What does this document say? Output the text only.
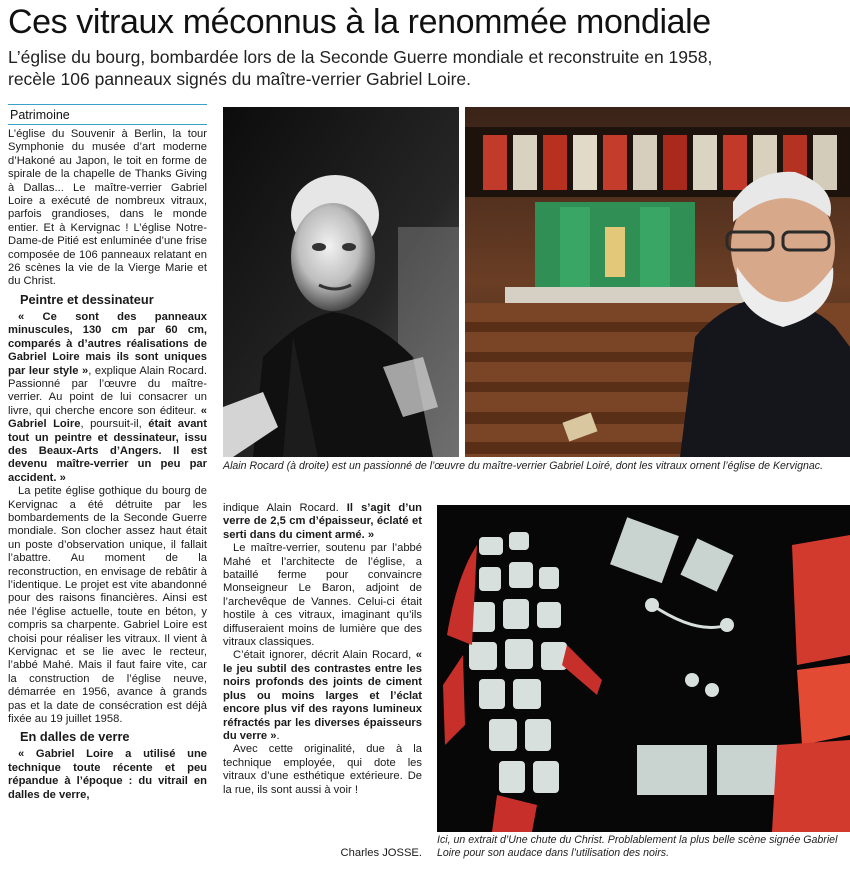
Ces vitraux méconnus à la renommée mondiale
L’église du bourg, bombardée lors de la Seconde Guerre mondiale et reconstruite en 1958,
recèle 106 panneaux signés du maître-verrier Gabriel Loire.
Patrimoine

L’église du Souvenir à Berlin, la tour Symphonie du musée d’art moderne d’Hakoné au Japon, le toit en forme de spirale de la chapelle de Thanks Giving à Dallas... Le maître-verrier Gabriel Loire a exécuté de nombreux vitraux, parfois grandioses, dans le monde entier. Et à Kervignac ! L’église Notre-Dame-de Pitié est enluminée d’une frise composée de 106 panneaux relatant en 26 scènes la vie de la Vierge Marie et du Christ.

Peintre et dessinateur

« Ce sont des panneaux minuscules, 130 cm par 60 cm, comparés à d’autres réalisations de Gabriel Loire mais ils sont uniques par leur style », explique Alain Rocard. Passionné par l’œuvre du maître-verrier. Au point de lui consacrer un livre, qui cherche encore son éditeur. « Gabriel Loire, poursuit-il, était avant tout un peintre et dessinateur, issu des Beaux-Arts d’Angers. Il est devenu maître-verrier un peu par accident. »

La petite église gothique du bourg de Kervignac a été détruite par les bombardements de la Seconde Guerre mondiale. Son clocher assez haut était un poste d’observation unique, il fallait l’abattre. Au moment de la reconstruction, en envisage de rebâtir à l’identique. Le projet est vite abandonné pour des raisons financières. Ainsi est née l’église actuelle, toute en béton, y compris sa charpente. Gabriel Loire est choisi pour réaliser les vitraux. Il vient à Kervignac et se lie avec le recteur, l’abbé Mahé. Mais il faut faire vite, car la construction de l’église neuve, démarrée en 1956, avance à grands pas et la date de consécration est déjà fixée au 19 juillet 1958.

En dalles de verre

« Gabriel Loire a utilisé une technique toute récente et peu répandue à l’époque : du vitrail en dalles de verre,

indique Alain Rocard. Il s’agit d’un verre de 2,5 cm d’épaisseur, éclaté et serti dans du ciment armé. »

Le maître-verrier, soutenu par l’abbé Mahé et l’architecte de l’église, a bataillé ferme pour convaincre Monseigneur Le Baron, adjoint de l’archevêque de Vannes. Celui-ci était hostile à ces vitraux, imaginant qu’ils diffuseraient moins de lumière que des vitraux classiques.

C’était ignorer, décrit Alain Rocard, « le jeu subtil des contrastes entre les noirs profonds des joints de ciment plus ou moins larges et l’éclat encore plus vif des rayons lumineux réfractés par les diverses épaisseurs du verre ».

Avec cette originalité, due à la technique employée, qui dote les vitraux d’une esthétique extérieure. De la rue, ils sont aussi à voir !

Charles JOSSE.
Alain Rocard (à droite) est un passionné de l’œuvre du maître-verrier Gabriel Loiré, dont les vitraux ornent l’église de Kervignac.
Ici, un extrait d’Une chute du Christ. Problablement la plus belle scène signée Gabriel Loire pour son audace dans l’utilisation des noirs.
